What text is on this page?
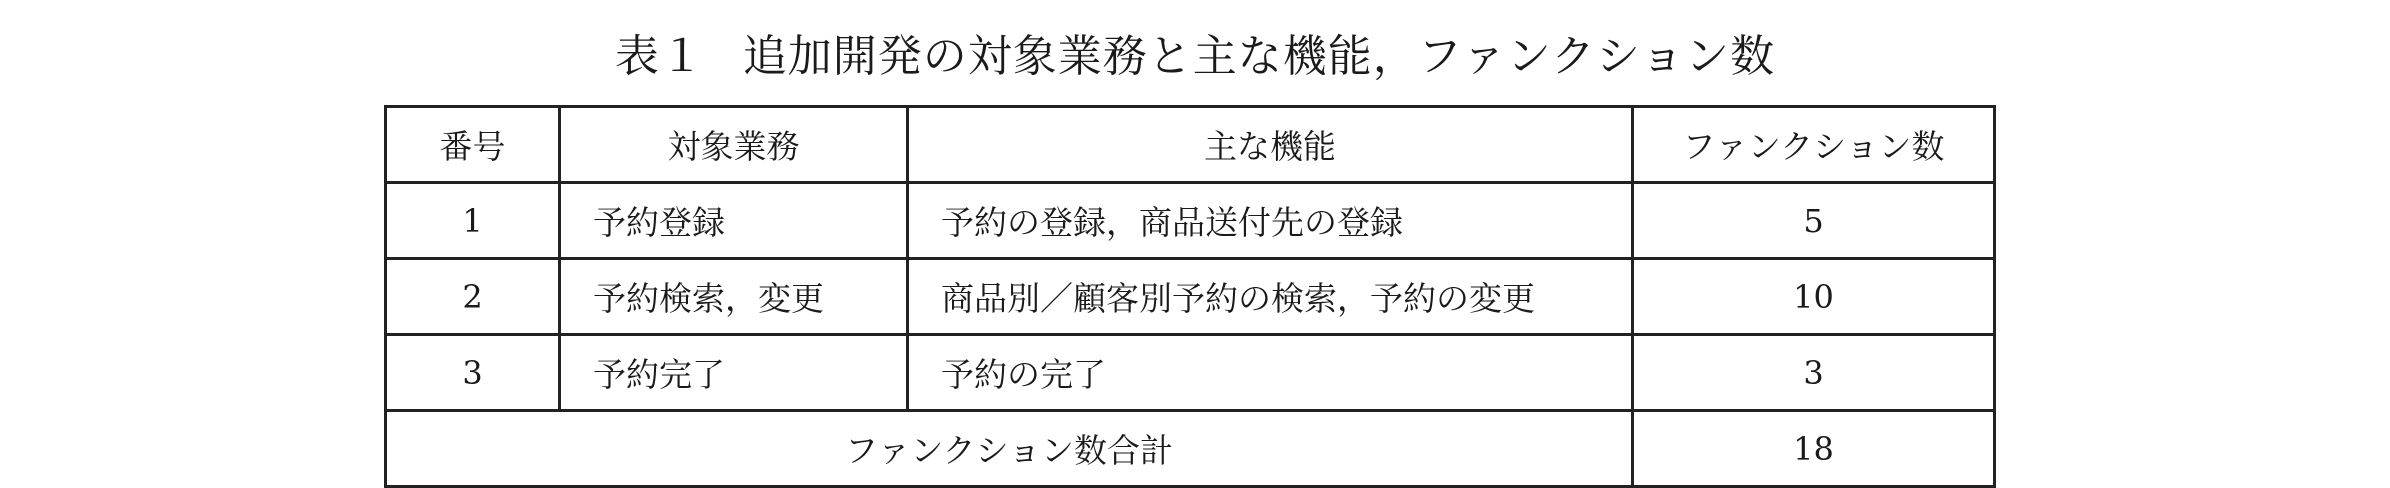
表１ 追加開発の対象業務と主な機能，ファンクション数
番号	対象業務	主な機能	ファンクション数
1	予約登録	予約の登録，商品送付先の登録	5
2	予約検索，変更	商品別／顧客別予約の検索，予約の変更	10
3	予約完了	予約の完了	3
ファンクション数合計			18
